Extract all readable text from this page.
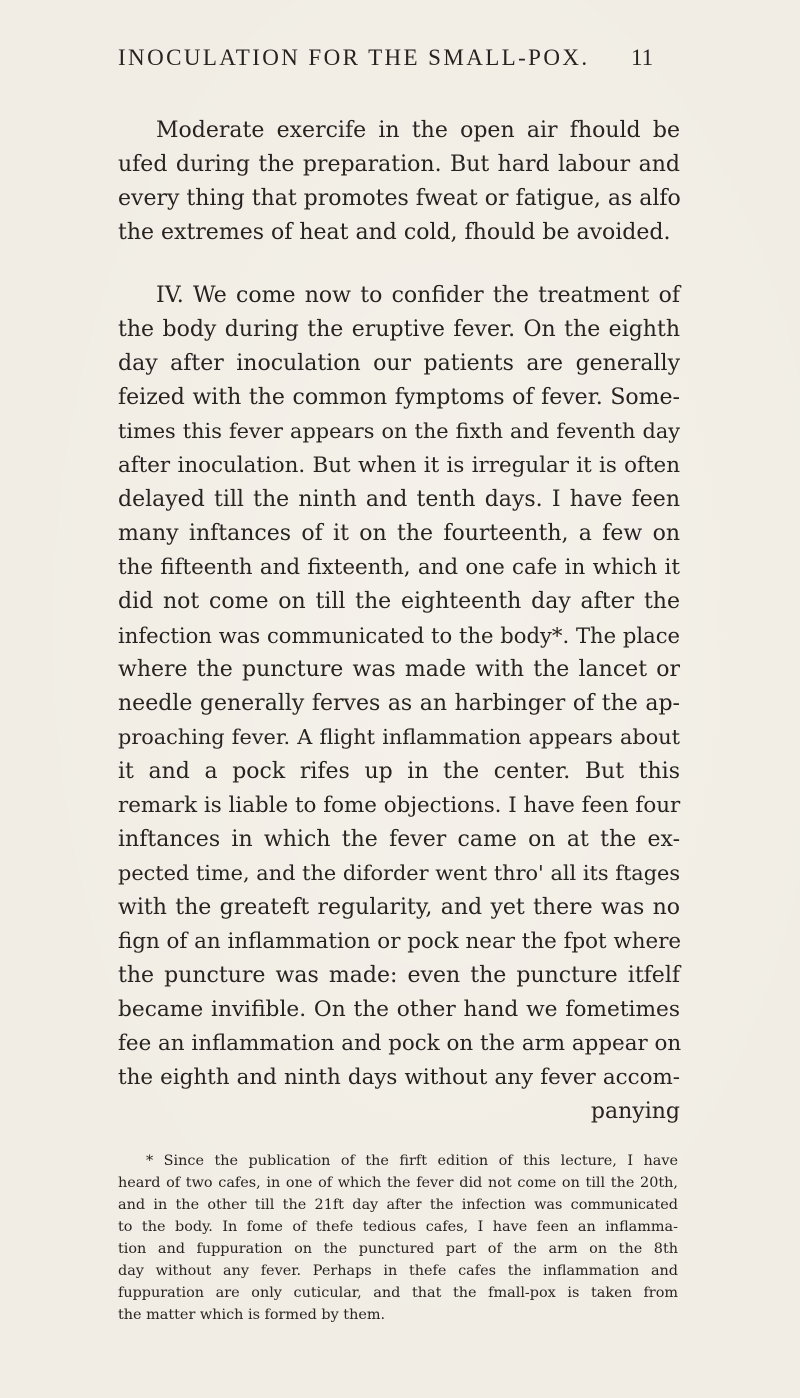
INOCULATION FOR THE SMALL-POX. 11
Moderate exercife in the open air fhould be
ufed during the preparation. But hard labour and
every thing that promotes fweat or fatigue, as alfo
the extremes of heat and cold, fhould be avoided.
IV. We come now to confider the treatment of
the body during the eruptive fever. On the eighth
day after inoculation our patients are generally
feized with the common fymptoms of fever. Some-
times this fever appears on the fixth and feventh day
after inoculation. But when it is irregular it is often
delayed till the ninth and tenth days. I have feen
many inftances of it on the fourteenth, a few on
the fifteenth and fixteenth, and one cafe in which it
did not come on till the eighteenth day after the
infection was communicated to the body*. The place
where the puncture was made with the lancet or
needle generally ferves as an harbinger of the ap-
proaching fever. A flight inflammation appears about
it and a pock rifes up in the center. But this
remark is liable to fome objections. I have feen four
inftances in which the fever came on at the ex-
pected time, and the diforder went thro' all its ftages
with the greateft regularity, and yet there was no
fign of an inflammation or pock near the fpot where
the puncture was made: even the puncture itfelf
became invifible. On the other hand we fometimes
fee an inflammation and pock on the arm appear on
the eighth and ninth days without any fever accom-
panying
* Since the publication of the firft edition of this lecture, I have
heard of two cafes, in one of which the fever did not come on till the 20th,
and in the other till the 21ft day after the infection was communicated
to the body. In fome of thefe tedious cafes, I have feen an inflamma-
tion and fuppuration on the punctured part of the arm on the 8th
day without any fever. Perhaps in thefe cafes the inflammation and
fuppuration are only cuticular, and that the fmall-pox is taken from
the matter which is formed by them.
